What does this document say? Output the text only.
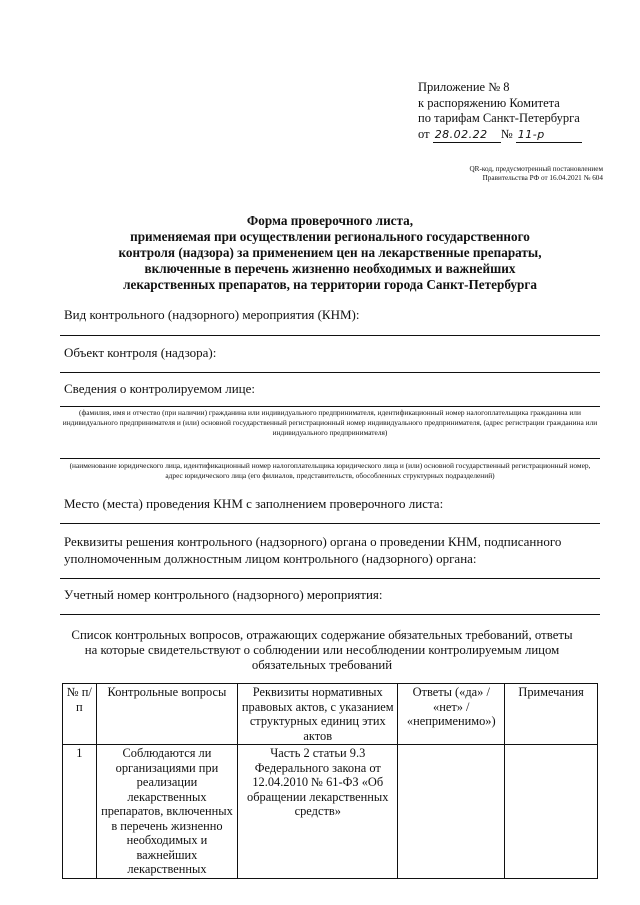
Приложение № 8
к распоряжению Комитета
по тарифам Санкт-Петербурга
от 28.02.22 № 11-р
QR-код, предусмотренный постановлением Правительства РФ от 16.04.2021 № 604
Форма проверочного листа,
применяемая при осуществлении регионального государственного
контроля (надзора) за применением цен на лекарственные препараты,
включенные в перечень жизненно необходимых и важнейших
лекарственных препаратов, на территории города Санкт-Петербурга
Вид контрольного (надзорного) мероприятия (КНМ):
Объект контроля (надзора):
Сведения о контролируемом лице:
(фамилия, имя и отчество (при наличии) гражданина или индивидуального предпринимателя, идентификационный номер налогоплательщика гражданина или индивидуального предпринимателя и (или) основной государственный регистрационный номер индивидуального предпринимателя, (адрес регистрации гражданина или индивидуального предпринимателя)
(наименование юридического лица, идентификационный номер налогоплательщика юридического лица и (или) основной государственный регистрационный номер, адрес юридического лица (его филиалов, представительств, обособленных структурных подразделений)
Место (места) проведения КНМ с заполнением проверочного листа:
Реквизиты решения контрольного (надзорного) органа о проведении КНМ, подписанного
уполномоченным должностным лицом контрольного (надзорного) органа:
Учетный номер контрольного (надзорного) мероприятия:
Список контрольных вопросов, отражающих содержание обязательных требований, ответы
на которые свидетельствуют о соблюдении или несоблюдении контролируемым лицом
обязательных требований
№ п/п	Контрольные вопросы	Реквизиты нормативных правовых актов, с указанием структурных единиц этих актов	Ответы («да» / «нет» / «неприменимо»)	Примечания
1	Соблюдаются ли организациями при реализации лекарственных препаратов, включенных в перечень жизненно необходимых и важнейших лекарственных	Часть 2 статьи 9.3 Федерального закона от 12.04.2010 № 61-ФЗ «Об обращении лекарственных средств»		
